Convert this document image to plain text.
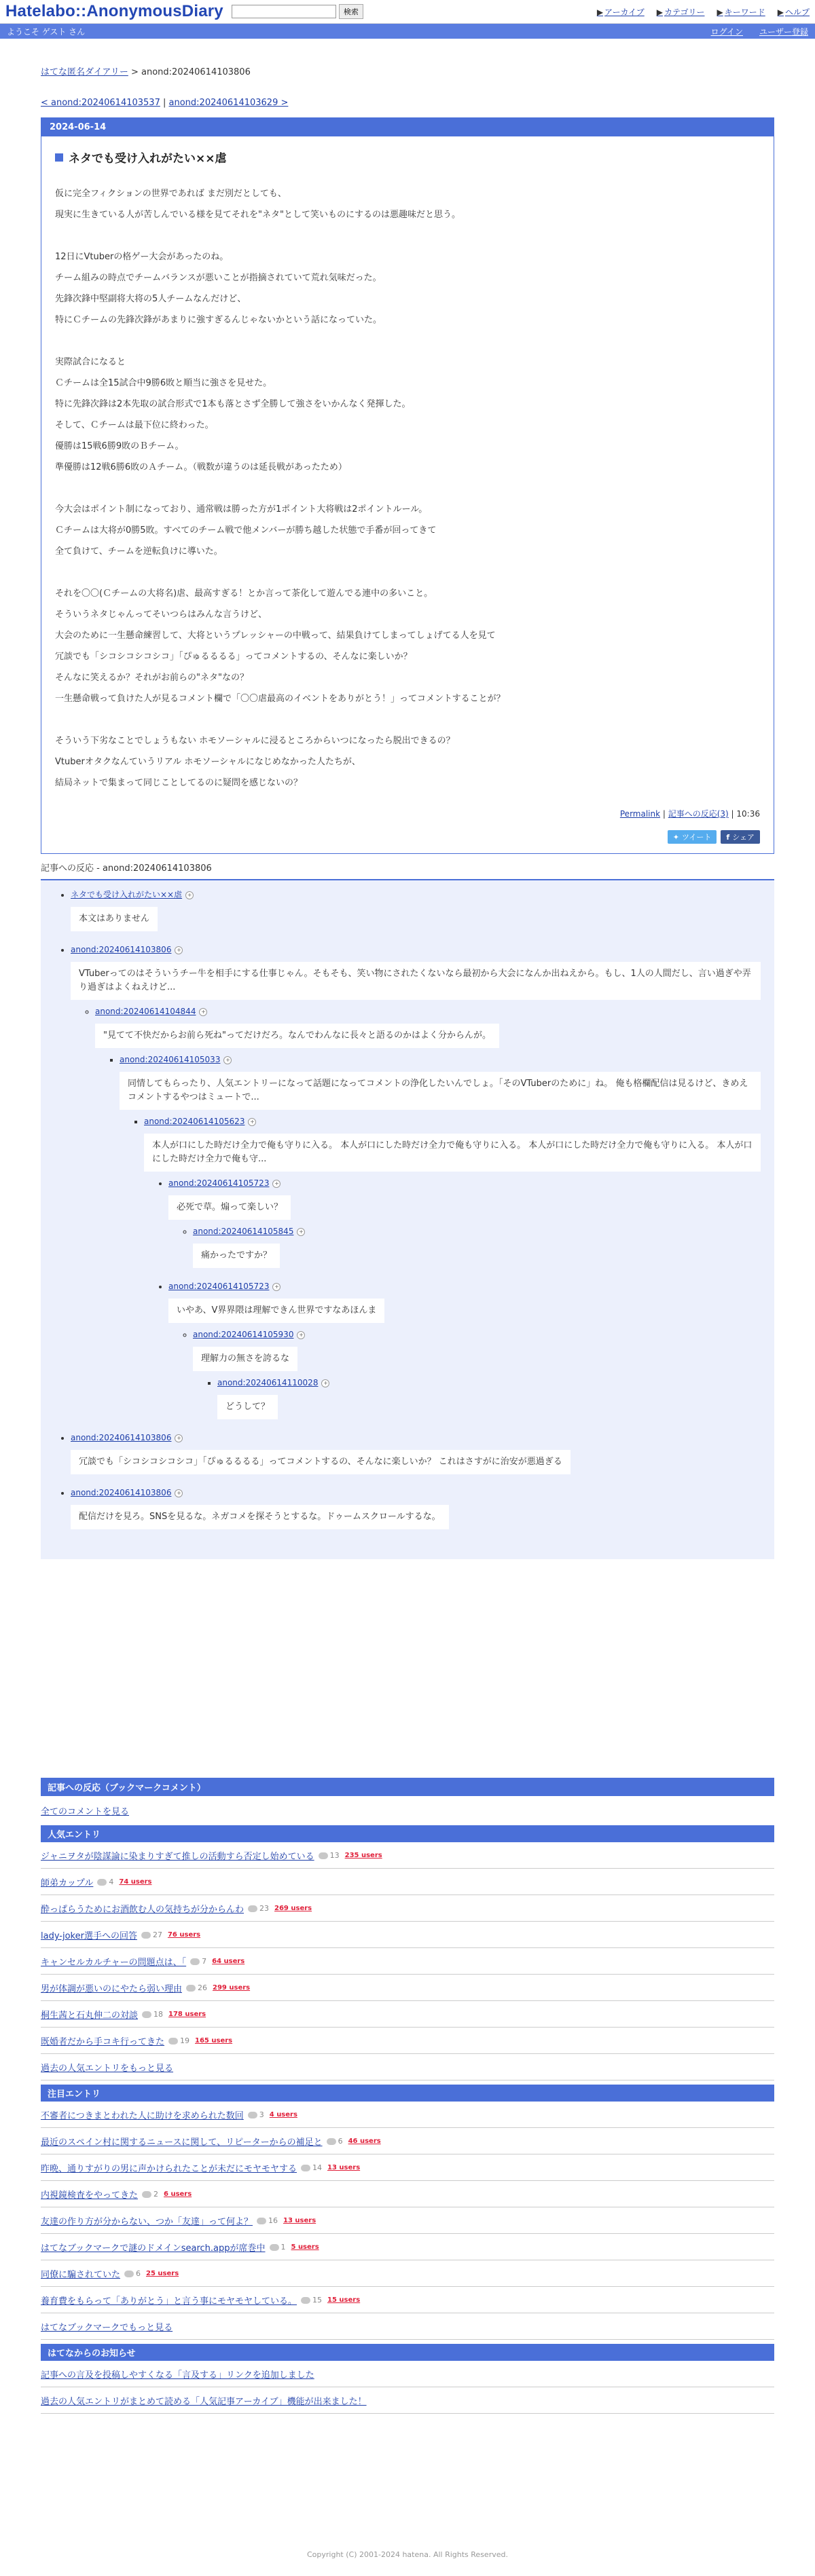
Hatelabo::AnonymousDiary	検索	▶ アーカイブ ▶ カテゴリー ▶ キーワード ▶ ヘルプ
ようこそ ゲスト さん	ログイン ユーザー登録
はてな匿名ダイアリー > anond:20240614103806
< anond:20240614103537 | anond:20240614103629 >
2024-06-14
ネタでも受け入れがたい××虐

仮に完全フィクションの世界であれば まだ別だとしても、

現実に生きている人が苦しんでいる様を見てそれを"ネタ"として笑いものにするのは悪趣味だと思う。

12日にVtuberの格ゲー大会があったのね。

チーム組みの時点でチームバランスが悪いことが指摘されていて荒れ気味だった。

先鋒次鋒中堅副将大将の5人チームなんだけど、

特にＣチームの先鋒次鋒があまりに強すぎるんじゃないかという話になっていた。

実際試合になると

Ｃチームは全15試合中9勝6敗と順当に強さを見せた。

特に先鋒次鋒は2本先取の試合形式で1本も落とさず全勝して強さをいかんなく発揮した。

そして、Ｃチームは最下位に終わった。

優勝は15戦6勝9敗のＢチーム。

準優勝は12戦6勝6敗のＡチーム。（戦数が違うのは延長戦があったため）

今大会はポイント制になっており、通常戦は勝った方が1ポイント大将戦は2ポイントルール。

Ｃチームは大将が0勝5敗。すべてのチーム戦で他メンバーが勝ち越した状態で手番が回ってきて

全て負けて、チームを逆転負けに導いた。

それを〇〇(Ｃチームの大将名)虐、最高すぎる！とか言って茶化して遊んでる連中の多いこと。

そういうネタじゃんってそいつらはみんな言うけど、

大会のために一生懸命練習して、大将というプレッシャーの中戦って、結果負けてしまってしょげてる人を見て

冗談でも「シコシコシコシコ」「ぴゅるるるる」ってコメントするの、そんなに楽しいか？

そんなに笑えるか？それがお前らの"ネタ"なの？

一生懸命戦って負けた人が見るコメント欄で「〇〇虐最高のイベントをありがとう！」ってコメントすることが？

そういう下劣なことでしょうもない ホモソーシャルに浸るところからいつになったら脱出できるの？

Vtuberオタクなんていうリアル ホモソーシャルになじめなかった人たちが、

結局ネットで集まって同じことしてるのに疑問を感じないの？

Permalink | 記事への反応(3) | 10:36
✦ ツイート f シェア
記事への反応 - anond:20240614103806
• ネタでも受け入れがたい××虐 +
本文はありません
• anond:20240614103806 +
VTuberってのはそういうチー牛を相手にする仕事じゃん。そもそも、笑い物にされたくないなら最初から大会になんか出ねえから。もし、1人の人間だし、言い過ぎや弄り過ぎはよくねえけど...
◦ anond:20240614104844 +
"見てて不快だからお前ら死ね"ってだけだろ。なんでわんなに長々と語るのかはよく分からんが。
▪ anond:20240614105033 +
同情してもらったり、人気エントリーになって話題になってコメントの浄化したいんでしょ。「そのVTuberのために」ね。 俺も格欄配信は見るけど、きめえコメントするやつはミュートで...
▪ anond:20240614105623 +
本人が口にした時だけ全力で俺も守りに入る。 本人が口にした時だけ全力で俺も守りに入る。 本人が口にした時だけ全力で俺も守りに入る。 本人が口にした時だけ全力で俺も守...
• anond:20240614105723 +
必死で草。煽って楽しい？
◦ anond:20240614105845 +
痛かったですか？
• anond:20240614105723 +
いやあ、V界界隈は理解できん世界ですなあほんま
◦ anond:20240614105930 +
理解力の無さを誇るな
▪ anond:20240614110028 +
どうして？
• anond:20240614103806 +
冗談でも「シコシコシコシコ」「ぴゅるるるる」ってコメントするの、そんなに楽しいか？ これはさすがに治安が悪過ぎる
• anond:20240614103806 +
配信だけを見ろ。SNSを見るな。ネガコメを探そうとするな。ドゥームスクロールするな。
記事への反応（ブックマークコメント）
全てのコメントを見る
人気エントリ
ジャニヲタが陰謀論に染まりすぎて推しの活動すら否定し始めている 13 235 users
師弟カップル 4 74 users
酔っぱらうためにお酒飲む人の気持ちが分からんわ 23 269 users
lady-joker選手への回答 27 76 users
キャンセルカルチャーの問題点は、「 7 64 users
男が体調が悪いのにやたら弱い理由 26 299 users
桐生茜と石丸伸二の対談 18 178 users
既婚者だから手コキ行ってきた 19 165 users
過去の人気エントリをもっと見る
注目エントリ
不審者につきまとわれた人に助けを求められた数回 3 4 users
最近のスペイン村に関するニュースに関して、リピーターからの補足と 6 46 users
昨晩、通りすがりの男に声かけられたことが未だにモヤモヤする 14 13 users
内視鏡検査をやってきた 2 6 users
友達の作り方が分からない、つか「友達」って何よ？ 16 13 users
はてなブックマークで謎のドメインsearch.appが席巻中 1 5 users
同僚に騙されていた 6 25 users
養育費をもらって「ありがとう」と言う事にモヤモヤしている。 15 15 users
はてなブックマークでもっと見る
はてなからのお知らせ
記事への言及を投稿しやすくなる「言及する」リンクを追加しました
過去の人気エントリがまとめて読める「人気記事アーカイブ」機能が出来ました！
Copyright (C) 2001-2024 hatena. All Rights Reserved.
